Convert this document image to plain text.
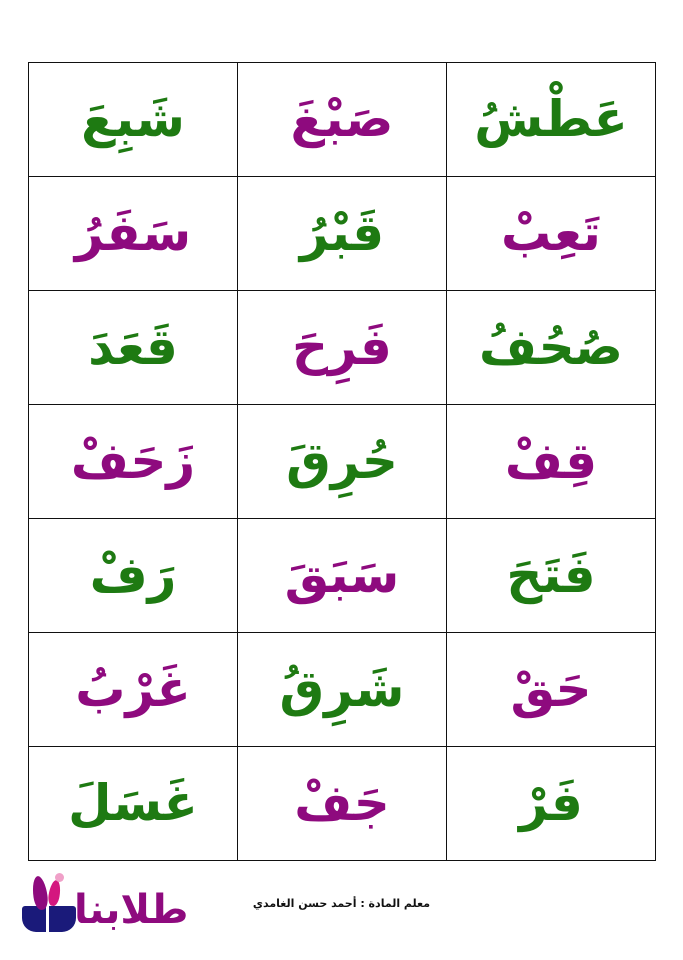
عَطْشُ	صَبْغَ	شَبِعَ

تَعِبْ	قَبْرُ	سَفَرُ

صُحُفُ	فَرِحَ	قَعَدَ

قِفْ	حُرِقَ	زَحَفْ

فَتَحَ	سَبَقَ	رَفْ

حَقْ	شَرِقُ	غَرْبُ

فَرْ	جَفْ	غَسَلَ
معلم المادة : أحمد حسن الغامدي
طلابنا
